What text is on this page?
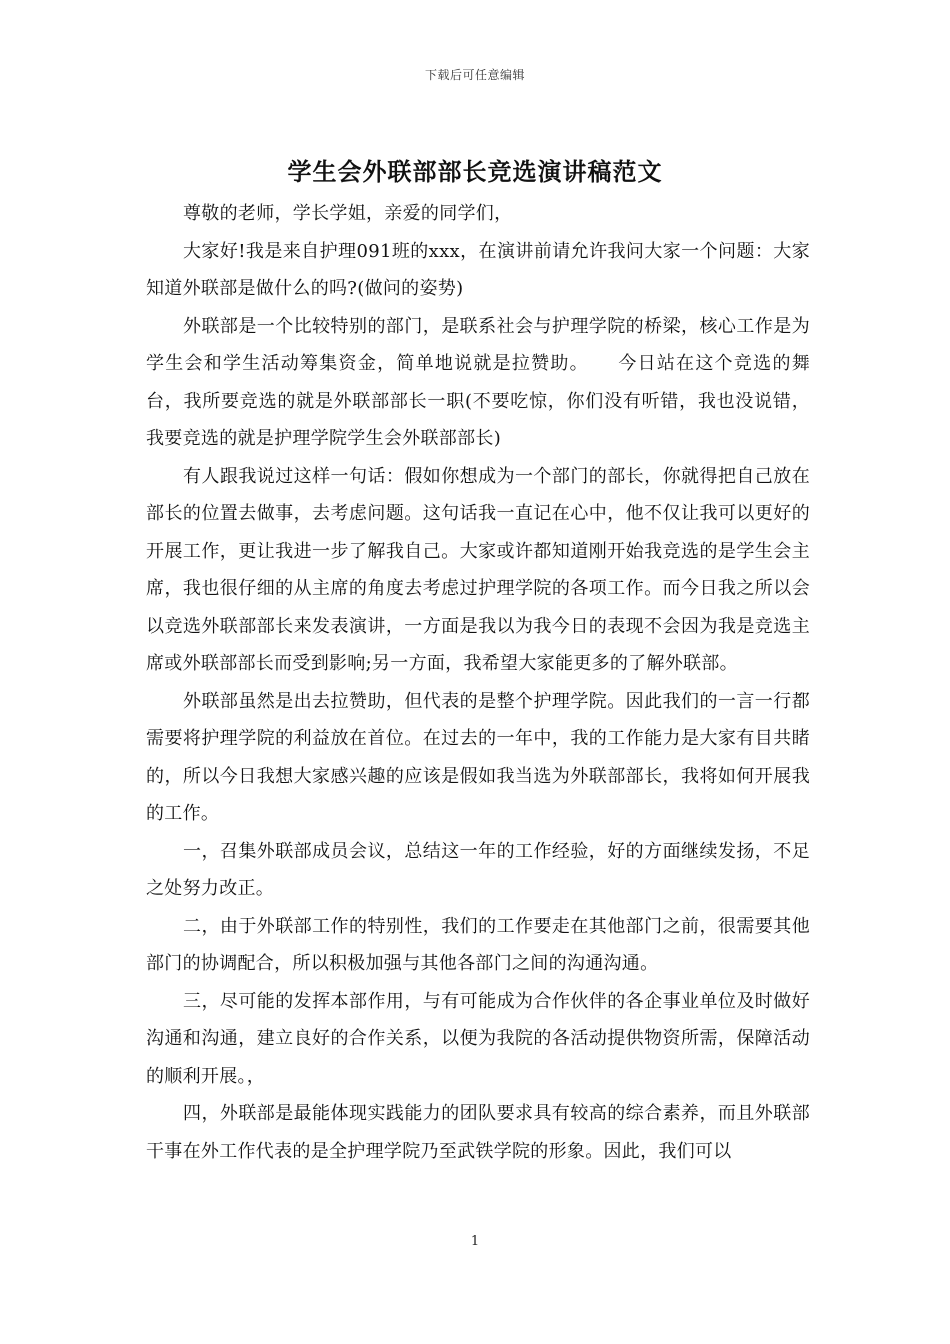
下载后可任意编辑
学生会外联部部长竞选演讲稿范文

尊敬的老师，学长学姐，亲爱的同学们，

大家好!我是来自护理091班的xxx，在演讲前请允许我问大家一个问题：大家知道外联部是做什么的吗?(做问的姿势)

外联部是一个比较特别的部门，是联系社会与护理学院的桥梁，核心工作是为学生会和学生活动筹集资金，简单地说就是拉赞助。　　今日站在这个竞选的舞台，我所要竞选的就是外联部部长一职(不要吃惊，你们没有听错，我也没说错，我要竞选的就是护理学院学生会外联部部长)

有人跟我说过这样一句话：假如你想成为一个部门的部长，你就得把自己放在部长的位置去做事，去考虑问题。这句话我一直记在心中，他不仅让我可以更好的开展工作，更让我进一步了解我自己。大家或许都知道刚开始我竞选的是学生会主席，我也很仔细的从主席的角度去考虑过护理学院的各项工作。而今日我之所以会以竞选外联部部长来发表演讲，一方面是我以为我今日的表现不会因为我是竞选主席或外联部部长而受到影响;另一方面，我希望大家能更多的了解外联部。

外联部虽然是出去拉赞助，但代表的是整个护理学院。因此我们的一言一行都需要将护理学院的利益放在首位。在过去的一年中，我的工作能力是大家有目共睹的，所以今日我想大家感兴趣的应该是假如我当选为外联部部长，我将如何开展我的工作。

一，召集外联部成员会议，总结这一年的工作经验，好的方面继续发扬，不足之处努力改正。

二，由于外联部工作的特别性，我们的工作要走在其他部门之前，很需要其他部门的协调配合，所以积极加强与其他各部门之间的沟通沟通。

三，尽可能的发挥本部作用，与有可能成为合作伙伴的各企事业单位及时做好沟通和沟通，建立良好的合作关系，以便为我院的各活动提供物资所需，保障活动的顺利开展。，

四，外联部是最能体现实践能力的团队要求具有较高的综合素养，而且外联部干事在外工作代表的是全护理学院乃至武铁学院的形象。因此，我们可以

1
